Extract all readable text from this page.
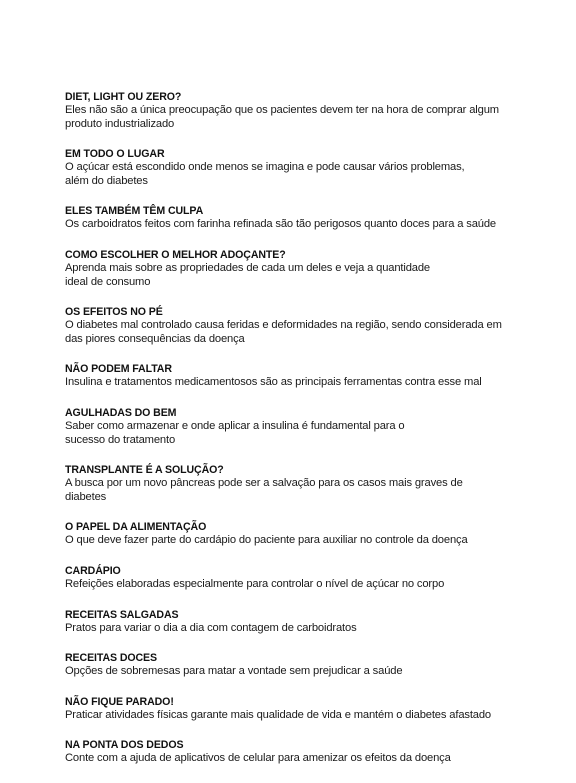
DIET, LIGHT OU ZERO?
Eles não são a única preocupação que os pacientes devem ter na hora de comprar algum
produto industrializado
EM TODO O LUGAR
O açúcar está escondido onde menos se imagina e pode causar vários problemas,
além do diabetes
ELES TAMBÉM TÊM CULPA
Os carboidratos feitos com farinha refinada são tão perigosos quanto doces para a saúde
COMO ESCOLHER O MELHOR ADOÇANTE?
Aprenda mais sobre as propriedades de cada um deles e veja a quantidade
ideal de consumo
OS EFEITOS NO PÉ
O diabetes mal controlado causa feridas e deformidades na região, sendo considerada em
das piores consequências da doença
NÃO PODEM FALTAR
Insulina e tratamentos medicamentosos são as principais ferramentas contra esse mal
AGULHADAS DO BEM
Saber como armazenar e onde aplicar a insulina é fundamental para o
sucesso do tratamento
TRANSPLANTE É A SOLUÇÃO?
A busca por um novo pâncreas pode ser a salvação para os casos mais graves de diabetes
O PAPEL DA ALIMENTAÇÃO
O que deve fazer parte do cardápio do paciente para auxiliar no controle da doença
CARDÁPIO
Refeições elaboradas especialmente para controlar o nível de açúcar no corpo
RECEITAS SALGADAS
Pratos para variar o dia a dia com contagem de carboidratos
RECEITAS DOCES
Opções de sobremesas para matar a vontade sem prejudicar a saúde
NÃO FIQUE PARADO!
Praticar atividades físicas garante mais qualidade de vida e mantém o diabetes afastado
NA PONTA DOS DEDOS
Conte com a ajuda de aplicativos de celular para amenizar os efeitos da doença
